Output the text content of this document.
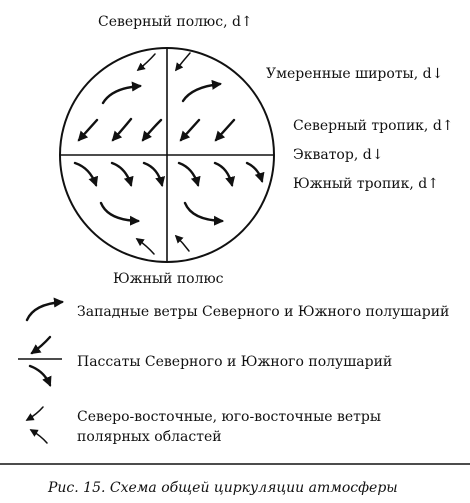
Северный полюс, d↑
Умеренные широты, d↓
Северный тропик, d↑
Экватор, d↓
Южный тропик, d↑
Южный полюс
Западные ветры Северного и Южного полушарий
Пассаты Северного и Южного полушарий
Северо-восточные, юго-восточные ветры
полярных областей
Рис. 15. Схема общей циркуляции атмосферы
